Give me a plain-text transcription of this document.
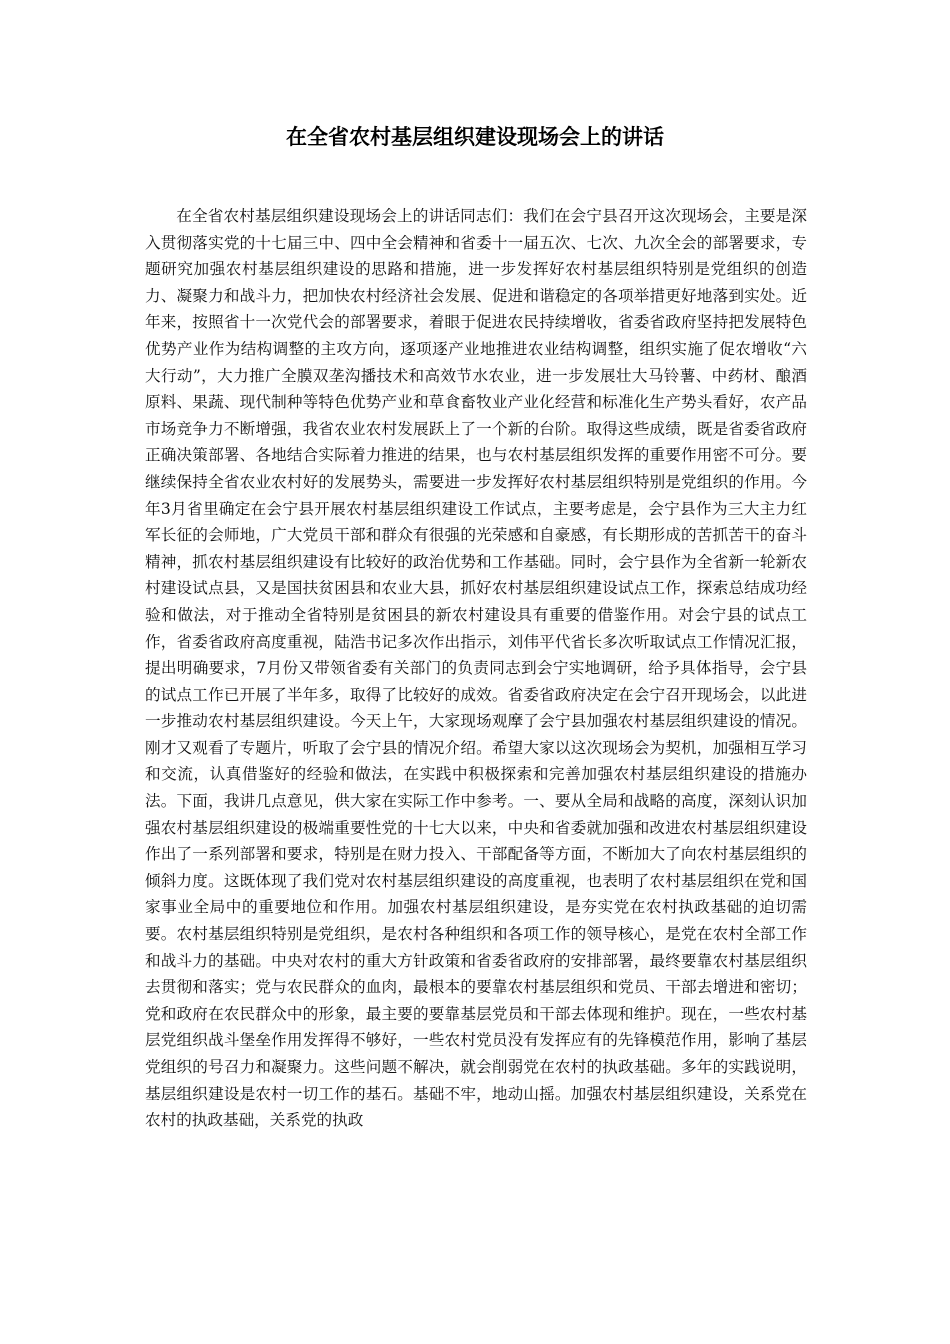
在全省农村基层组织建设现场会上的讲话

在全省农村基层组织建设现场会上的讲话同志们：我们在会宁县召开这次现场会，主要是深入贯彻落实党的十七届三中、四中全会精神和省委十一届五次、七次、九次全会的部署要求，专题研究加强农村基层组织建设的思路和措施，进一步发挥好农村基层组织特别是党组织的创造力、凝聚力和战斗力，把加快农村经济社会发展、促进和谐稳定的各项举措更好地落到实处。近年来，按照省十一次党代会的部署要求，着眼于促进农民持续增收，省委省政府坚持把发展特色优势产业作为结构调整的主攻方向，逐项逐产业地推进农业结构调整，组织实施了促农增收“六大行动”，大力推广全膜双垄沟播技术和高效节水农业，进一步发展壮大马铃薯、中药材、酿酒原料、果蔬、现代制种等特色优势产业和草食畜牧业产业化经营和标准化生产势头看好，农产品市场竞争力不断增强，我省农业农村发展跃上了一个新的台阶。取得这些成绩，既是省委省政府正确决策部署、各地结合实际着力推进的结果，也与农村基层组织发挥的重要作用密不可分。要继续保持全省农业农村好的发展势头，需要进一步发挥好农村基层组织特别是党组织的作用。今年3月省里确定在会宁县开展农村基层组织建设工作试点，主要考虑是，会宁县作为三大主力红军长征的会师地，广大党员干部和群众有很强的光荣感和自豪感，有长期形成的苦抓苦干的奋斗精神，抓农村基层组织建设有比较好的政治优势和工作基础。同时，会宁县作为全省新一轮新农村建设试点县，又是国扶贫困县和农业大县，抓好农村基层组织建设试点工作，探索总结成功经验和做法，对于推动全省特别是贫困县的新农村建设具有重要的借鉴作用。对会宁县的试点工作，省委省政府高度重视，陆浩书记多次作出指示，刘伟平代省长多次听取试点工作情况汇报，提出明确要求，7月份又带领省委有关部门的负责同志到会宁实地调研，给予具体指导，会宁县的试点工作已开展了半年多，取得了比较好的成效。省委省政府决定在会宁召开现场会，以此进一步推动农村基层组织建设。今天上午，大家现场观摩了会宁县加强农村基层组织建设的情况。刚才又观看了专题片，听取了会宁县的情况介绍。希望大家以这次现场会为契机，加强相互学习和交流，认真借鉴好的经验和做法，在实践中积极探索和完善加强农村基层组织建设的措施办法。下面，我讲几点意见，供大家在实际工作中参考。一、要从全局和战略的高度，深刻认识加强农村基层组织建设的极端重要性党的十七大以来，中央和省委就加强和改进农村基层组织建设作出了一系列部署和要求，特别是在财力投入、干部配备等方面，不断加大了向农村基层组织的倾斜力度。这既体现了我们党对农村基层组织建设的高度重视，也表明了农村基层组织在党和国家事业全局中的重要地位和作用。加强农村基层组织建设，是夯实党在农村执政基础的迫切需要。农村基层组织特别是党组织，是农村各种组织和各项工作的领导核心，是党在农村全部工作和战斗力的基础。中央对农村的重大方针政策和省委省政府的安排部署，最终要靠农村基层组织去贯彻和落实；党与农民群众的血肉，最根本的要靠农村基层组织和党员、干部去增进和密切；党和政府在农民群众中的形象，最主要的要靠基层党员和干部去体现和维护。现在，一些农村基层党组织战斗堡垒作用发挥得不够好，一些农村党员没有发挥应有的先锋模范作用，影响了基层党组织的号召力和凝聚力。这些问题不解决，就会削弱党在农村的执政基础。多年的实践说明，基层组织建设是农村一切工作的基石。基础不牢，地动山摇。加强农村基层组织建设，关系党在农村的执政基础，关系党的执政
